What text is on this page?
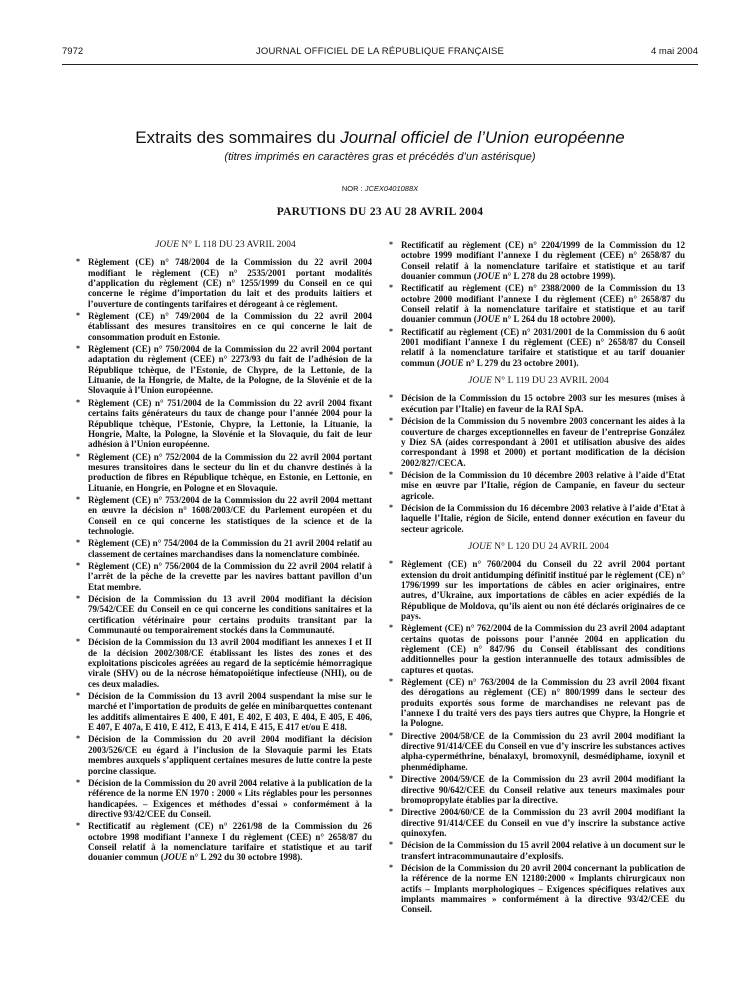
7972	JOURNAL OFFICIEL DE LA RÉPUBLIQUE FRANÇAISE	4 mai 2004
Extraits des sommaires du Journal officiel de l’Union européenne
(titres imprimés en caractères gras et précédés d’un astérisque)
NOR : JCEX0401088X
PARUTIONS DU 23 AU 28 AVRIL 2004
JOUE N° L 118 DU 23 AVRIL 2004
* Règlement (CE) n° 748/2004 de la Commission du 22 avril 2004 modifiant le règlement (CE) n° 2535/2001 portant modalités d’application du règlement (CE) n° 1255/1999 du Conseil en ce qui concerne le régime d’importation du lait et des produits laitiers et l’ouverture de contingents tarifaires et dérogeant à ce règlement.
* Règlement (CE) n° 749/2004 de la Commission du 22 avril 2004 établissant des mesures transitoires en ce qui concerne le lait de consommation produit en Estonie.
* Règlement (CE) n° 750/2004 de la Commission du 22 avril 2004 portant adaptation du règlement (CEE) n° 2273/93 du fait de l’adhésion de la République tchèque, de l’Estonie, de Chypre, de la Lettonie, de la Lituanie, de la Hongrie, de Malte, de la Pologne, de la Slovénie et de la Slovaquie à l’Union européenne.
* Règlement (CE) n° 751/2004 de la Commission du 22 avril 2004 fixant certains faits générateurs du taux de change pour l’année 2004 pour la République tchèque, l’Estonie, Chypre, la Lettonie, la Lituanie, la Hongrie, Malte, la Pologne, la Slovénie et la Slovaquie, du fait de leur adhésion à l’Union européenne.
* Règlement (CE) n° 752/2004 de la Commission du 22 avril 2004 portant mesures transitoires dans le secteur du lin et du chanvre destinés à la production de fibres en République tchèque, en Estonie, en Lettonie, en Lituanie, en Hongrie, en Pologne et en Slovaquie.
* Règlement (CE) n° 753/2004 de la Commission du 22 avril 2004 mettant en œuvre la décision n° 1608/2003/CE du Parlement européen et du Conseil en ce qui concerne les statistiques de la science et de la technologie.
* Règlement (CE) n° 754/2004 de la Commission du 21 avril 2004 relatif au classement de certaines marchandises dans la nomenclature combinée.
* Règlement (CE) n° 756/2004 de la Commission du 22 avril 2004 relatif à l’arrêt de la pêche de la crevette par les navires battant pavillon d’un Etat membre.
* Décision de la Commission du 13 avril 2004 modifiant la décision 79/542/CEE du Conseil en ce qui concerne les conditions sanitaires et la certification vétérinaire pour certains produits transitant par la Communauté ou temporairement stockés dans la Communauté.
* Décision de la Commission du 13 avril 2004 modifiant les annexes I et II de la décision 2002/308/CE établissant les listes des zones et des exploitations piscicoles agréées au regard de la septicémie hémorragique virale (SHV) ou de la nécrose hématopoïétique infectieuse (NHI), ou de ces deux maladies.
* Décision de la Commission du 13 avril 2004 suspendant la mise sur le marché et l’importation de produits de gelée en minibarquettes contenant les additifs alimentaires E 400, E 401, E 402, E 403, E 404, E 405, E 406, E 407, E 407a, E 410, E 412, E 413, E 414, E 415, E 417 et/ou E 418.
* Décision de la Commission du 20 avril 2004 modifiant la décision 2003/526/CE eu égard à l’inclusion de la Slovaquie parmi les Etats membres auxquels s’appliquent certaines mesures de lutte contre la peste porcine classique.
* Décision de la Commission du 20 avril 2004 relative à la publication de la référence de la norme EN 1970 : 2000 « Lits réglables pour les personnes handicapées. – Exigences et méthodes d’essai » conformément à la directive 93/42/CEE du Conseil.
* Rectificatif au règlement (CE) n° 2261/98 de la Commission du 26 octobre 1998 modifiant l’annexe I du règlement (CEE) n° 2658/87 du Conseil relatif à la nomenclature tarifaire et statistique et au tarif douanier commun (JOUE n° L 292 du 30 octobre 1998).
* Rectificatif au règlement (CE) n° 2204/1999 de la Commission du 12 octobre 1999 modifiant l’annexe I du règlement (CEE) n° 2658/87 du Conseil relatif à la nomenclature tarifaire et statistique et au tarif douanier commun (JOUE n° L 278 du 28 octobre 1999).
* Rectificatif au règlement (CE) n° 2388/2000 de la Commission du 13 octobre 2000 modifiant l’annexe I du règlement (CEE) n° 2658/87 du Conseil relatif à la nomenclature tarifaire et statistique et au tarif douanier commun (JOUE n° L 264 du 18 octobre 2000).
* Rectificatif au règlement (CE) n° 2031/2001 de la Commission du 6 août 2001 modifiant l’annexe I du règlement (CEE) n° 2658/87 du Conseil relatif à la nomenclature tarifaire et statistique et au tarif douanier commun (JOUE n° L 279 du 23 octobre 2001).
JOUE N° L 119 DU 23 AVRIL 2004
* Décision de la Commission du 15 octobre 2003 sur les mesures (mises à exécution par l’Italie) en faveur de la RAI SpA.
* Décision de la Commission du 5 novembre 2003 concernant les aides à la couverture de charges exceptionnelles en faveur de l’entreprise González y Díez SA (aides correspondant à 2001 et utilisation abusive des aides correspondant à 1998 et 2000) et portant modification de la décision 2002/827/CECA.
* Décision de la Commission du 10 décembre 2003 relative à l’aide d’Etat mise en œuvre par l’Italie, région de Campanie, en faveur du secteur agricole.
* Décision de la Commission du 16 décembre 2003 relative à l’aide d’Etat à laquelle l’Italie, région de Sicile, entend donner exécution en faveur du secteur agricole.
JOUE N° L 120 DU 24 AVRIL 2004
* Règlement (CE) n° 760/2004 du Conseil du 22 avril 2004 portant extension du droit antidumping définitif institué par le règlement (CE) n° 1796/1999 sur les importations de câbles en acier originaires, entre autres, d’Ukraine, aux importations de câbles en acier expédiés de la République de Moldova, qu’ils aient ou non été déclarés originaires de ce pays.
* Règlement (CE) n° 762/2004 de la Commission du 23 avril 2004 adaptant certains quotas de poissons pour l’année 2004 en application du règlement (CE) n° 847/96 du Conseil établissant des conditions additionnelles pour la gestion interannuelle des totaux admissibles de captures et quotas.
* Règlement (CE) n° 763/2004 de la Commission du 23 avril 2004 fixant des dérogations au règlement (CE) n° 800/1999 dans le secteur des produits exportés sous forme de marchandises ne relevant pas de l’annexe I du traité vers des pays tiers autres que Chypre, la Hongrie et la Pologne.
* Directive 2004/58/CE de la Commission du 23 avril 2004 modifiant la directive 91/414/CEE du Conseil en vue d’y inscrire les substances actives alpha-cyperméthrine, bénalaxyl, bromoxynil, desmédiphame, ioxynil et phenmédiphame.
* Directive 2004/59/CE de la Commission du 23 avril 2004 modifiant la directive 90/642/CEE du Conseil relative aux teneurs maximales pour bromopropylate établies par la directive.
* Directive 2004/60/CE de la Commission du 23 avril 2004 modifiant la directive 91/414/CEE du Conseil en vue d’y inscrire la substance active quinoxyfen.
* Décision de la Commission du 15 avril 2004 relative à un document sur le transfert intracommunautaire d’explosifs.
* Décision de la Commission du 20 avril 2004 concernant la publication de la référence de la norme EN 12180:2000 « Implants chirurgicaux non actifs – Implants morphologiques – Exigences spécifiques relatives aux implants mammaires » conformément à la directive 93/42/CEE du Conseil.
